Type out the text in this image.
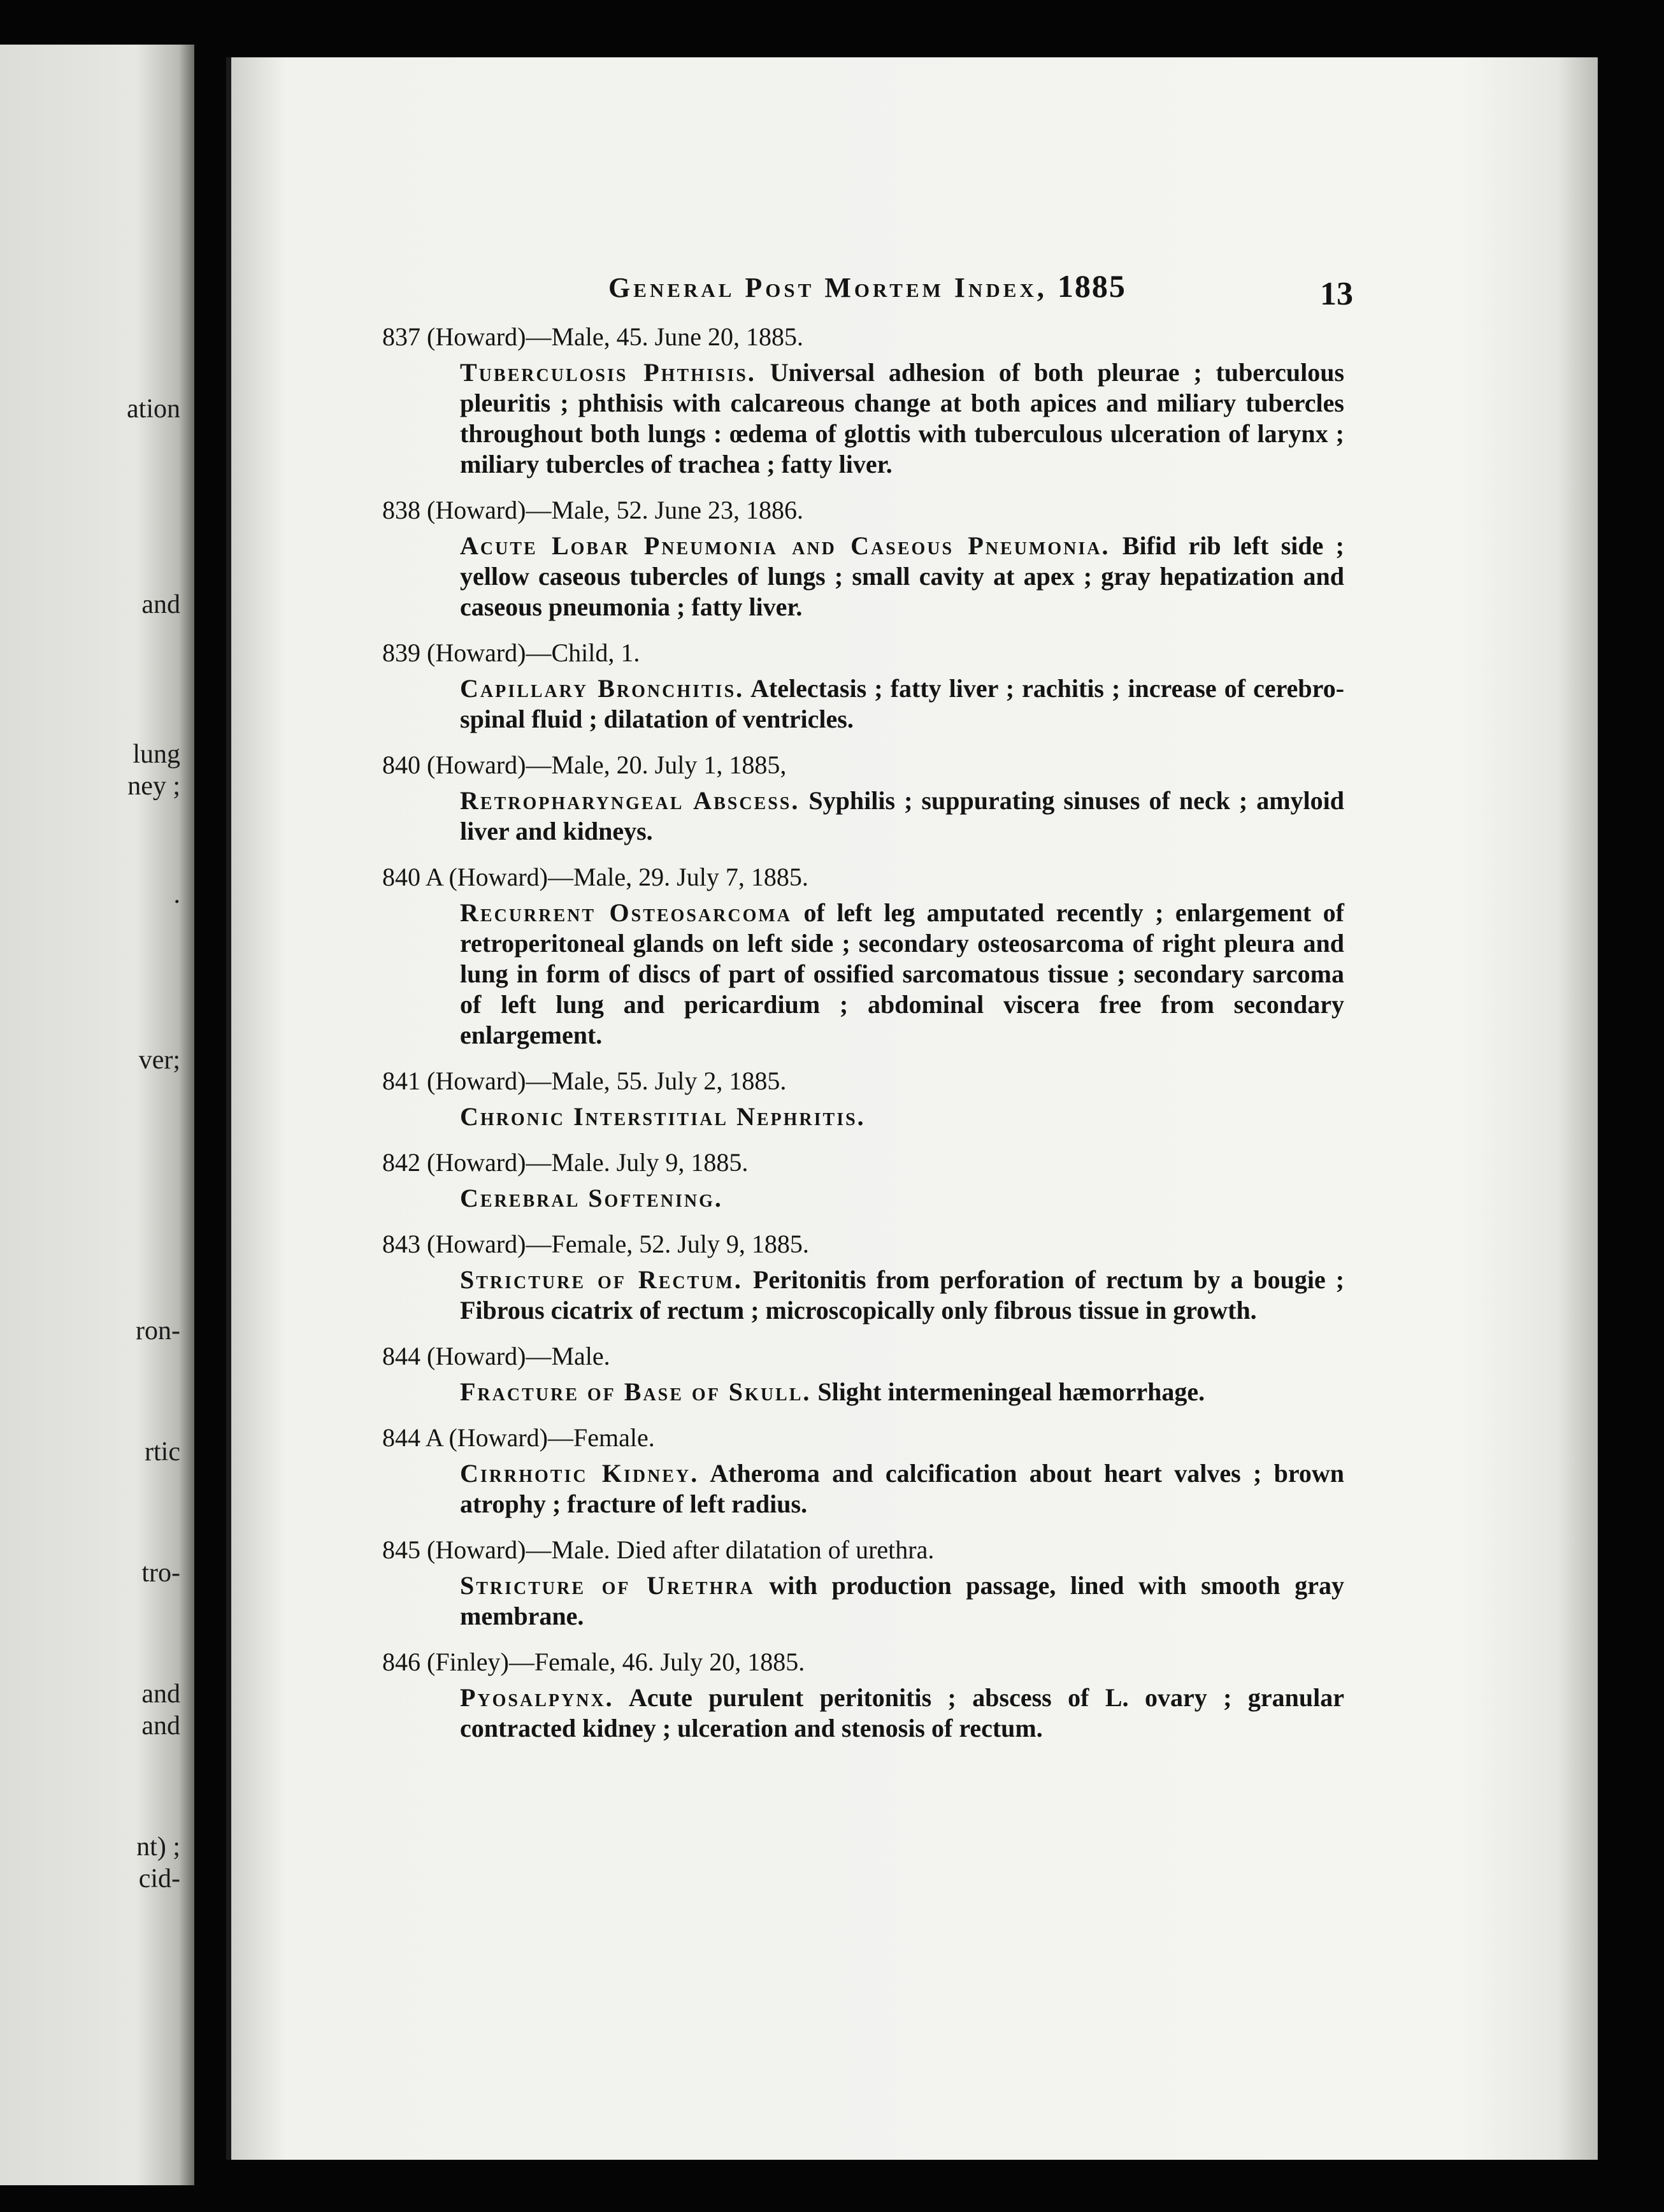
ation
and
lung
ney ;
.
ver;
ron-
rtic
tro-
and
and
nt) ;
cid-
General Post Mortem Index, 1885	13
837 (Howard)—Male, 45. June 20, 1885.
Tuberculosis Phthisis. Universal adhesion of both pleurae ; tuberculous pleuritis ; phthisis with calcareous change at both apices and miliary tubercles throughout both lungs : œdema of glottis with tuberculous ulceration of larynx ; miliary tubercles of trachea ; fatty liver.
838 (Howard)—Male, 52. June 23, 1886.
Acute Lobar Pneumonia and Caseous Pneumonia. Bifid rib left side ; yellow caseous tubercles of lungs ; small cavity at apex ; gray hepatization and caseous pneumonia ; fatty liver.
839 (Howard)—Child, 1.
Capillary Bronchitis. Atelectasis ; fatty liver ; rachitis ; increase of cerebro-spinal fluid ; dilatation of ventricles.
840 (Howard)—Male, 20. July 1, 1885,
Retropharyngeal Abscess. Syphilis ; suppurating sinuses of neck ; amyloid liver and kidneys.
840 A (Howard)—Male, 29. July 7, 1885.
Recurrent Osteosarcoma of left leg amputated recently ; enlargement of retroperitoneal glands on left side ; secondary osteosarcoma of right pleura and lung in form of discs of part of ossified sarcomatous tissue ; secondary sarcoma of left lung and pericardium ; abdominal viscera free from secondary enlargement.
841 (Howard)—Male, 55. July 2, 1885.
Chronic Interstitial Nephritis.
842 (Howard)—Male. July 9, 1885.
Cerebral Softening.
843 (Howard)—Female, 52. July 9, 1885.
Stricture of Rectum. Peritonitis from perforation of rectum by a bougie ; Fibrous cicatrix of rectum ; microscopically only fibrous tissue in growth.
844 (Howard)—Male.
Fracture of Base of Skull. Slight intermeningeal hæmorrhage.
844 A (Howard)—Female.
Cirrhotic Kidney. Atheroma and calcification about heart valves ; brown atrophy ; fracture of left radius.
845 (Howard)—Male. Died after dilatation of urethra.
Stricture of Urethra with production passage, lined with smooth gray membrane.
846 (Finley)—Female, 46. July 20, 1885.
Pyosalpynx. Acute purulent peritonitis ; abscess of L. ovary ; granular contracted kidney ; ulceration and stenosis of rectum.
